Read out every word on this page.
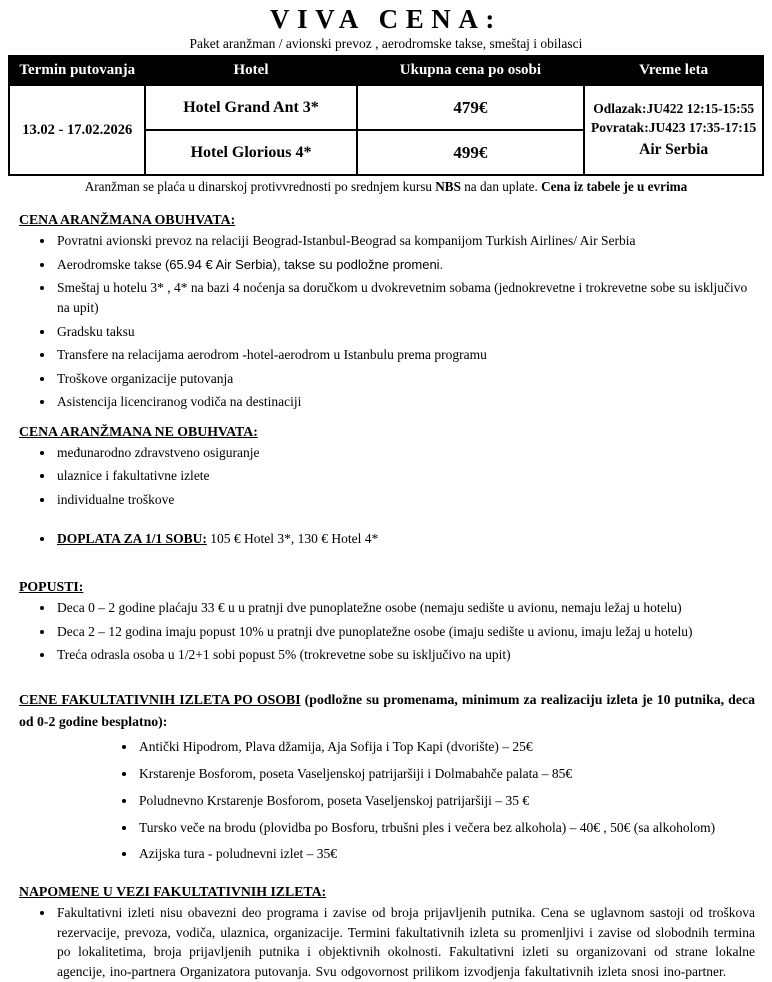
VIVA CENA:

Paket aranžman / avionski prevoz , aerodromske takse, smeštaj i obilasci

Termin putovanja	Hotel	Ukupna cena po osobi	Vreme leta
13.02 - 17.02.2026	Hotel Grand Ant 3*	479€	Odlazak:JU422 12:15-15:55
Povratak:JU423 17:35-17:15
Air Serbia

	Hotel Glorious 4*	499€	

Aranžman se plaća u dinarskoj protivvrednosti po srednjem kursu NBS na dan uplate. Cena iz tabele je u evrima

CENA ARANŽMANA OBUHVATA:
• Povratni avionski prevoz na relaciji Beograd-Istanbul-Beograd sa kompanijom Turkish Airlines/ Air Serbia
• Aerodromske takse (65.94 € Air Serbia), takse su podložne promeni.
• Smeštaj u hotelu 3* , 4* na bazi 4 noćenja sa doručkom u dvokrevetnim sobama (jednokrevetne i trokrevetne sobe su isključivo na upit)
• Gradsku taksu
• Transfere na relacijama aerodrom -hotel-aerodrom u Istanbulu prema programu
• Troškove organizacije putovanja
• Asistencija licenciranog vodiča na destinaciji
CENA ARANŽMANA NE OBUHVATA:
• međunarodno zdravstveno osiguranje
• ulaznice i fakultativne izlete
• individualne troškove
• DOPLATA ZA 1/1 SOBU: 105 € Hotel 3*, 130 € Hotel 4*
POPUSTI:
• Deca 0 – 2 godine plaćaju 33 € u u pratnji dve punoplatežne osobe (nemaju sedište u avionu, nemaju ležaj u hotelu)
• Deca 2 – 12 godina imaju popust 10% u pratnji dve punoplatežne osobe (imaju sedište u avionu, imaju ležaj u hotelu)
• Treća odrasla osoba u 1/2+1 sobi popust 5% (trokrevetne sobe su isključivo na upit)

CENE FAKULTATIVNIH IZLETA PO OSOBI (podložne su promenama, minimum za realizaciju izleta je 10 putnika, deca od 0-2 godine besplatno):

• Antički Hipodrom, Plava džamija, Aja Sofija i Top Kapi (dvorište) – 25€
• Krstarenje Bosforom, poseta Vaseljenskoj patrijaršiji i Dolmabahče palata – 85€
• Poludnevno Krstarenje Bosforom, poseta Vaseljenskoj patrijaršiji – 35 €
• Tursko veče na brodu (plovidba po Bosforu, trbušni ples i večera bez alkohola) – 40€ , 50€ (sa alkoholom)
• Azijska tura - poludnevni izlet – 35€
NAPOMENE U VEZI FAKULTATIVNIH IZLETA:
• Fakultativni izleti nisu obavezni deo programa i zavise od broja prijavljenih putnika. Cena se uglavnom sastoji od troškova rezervacije, prevoza, vodiča, ulaznica, organizacije. Termini fakultativnih izleta su promenljivi i zavise od slobodnih termina po lokalitetima, broja prijavljenih putnika i objektivnih okolnosti. Fakultativni izleti su organizovani od strane lokalne agencije, ino-partnera Organizatora putovanja. Svu odgovornost prilikom izvodjenja fakultativnih izleta snosi ino-partner.
